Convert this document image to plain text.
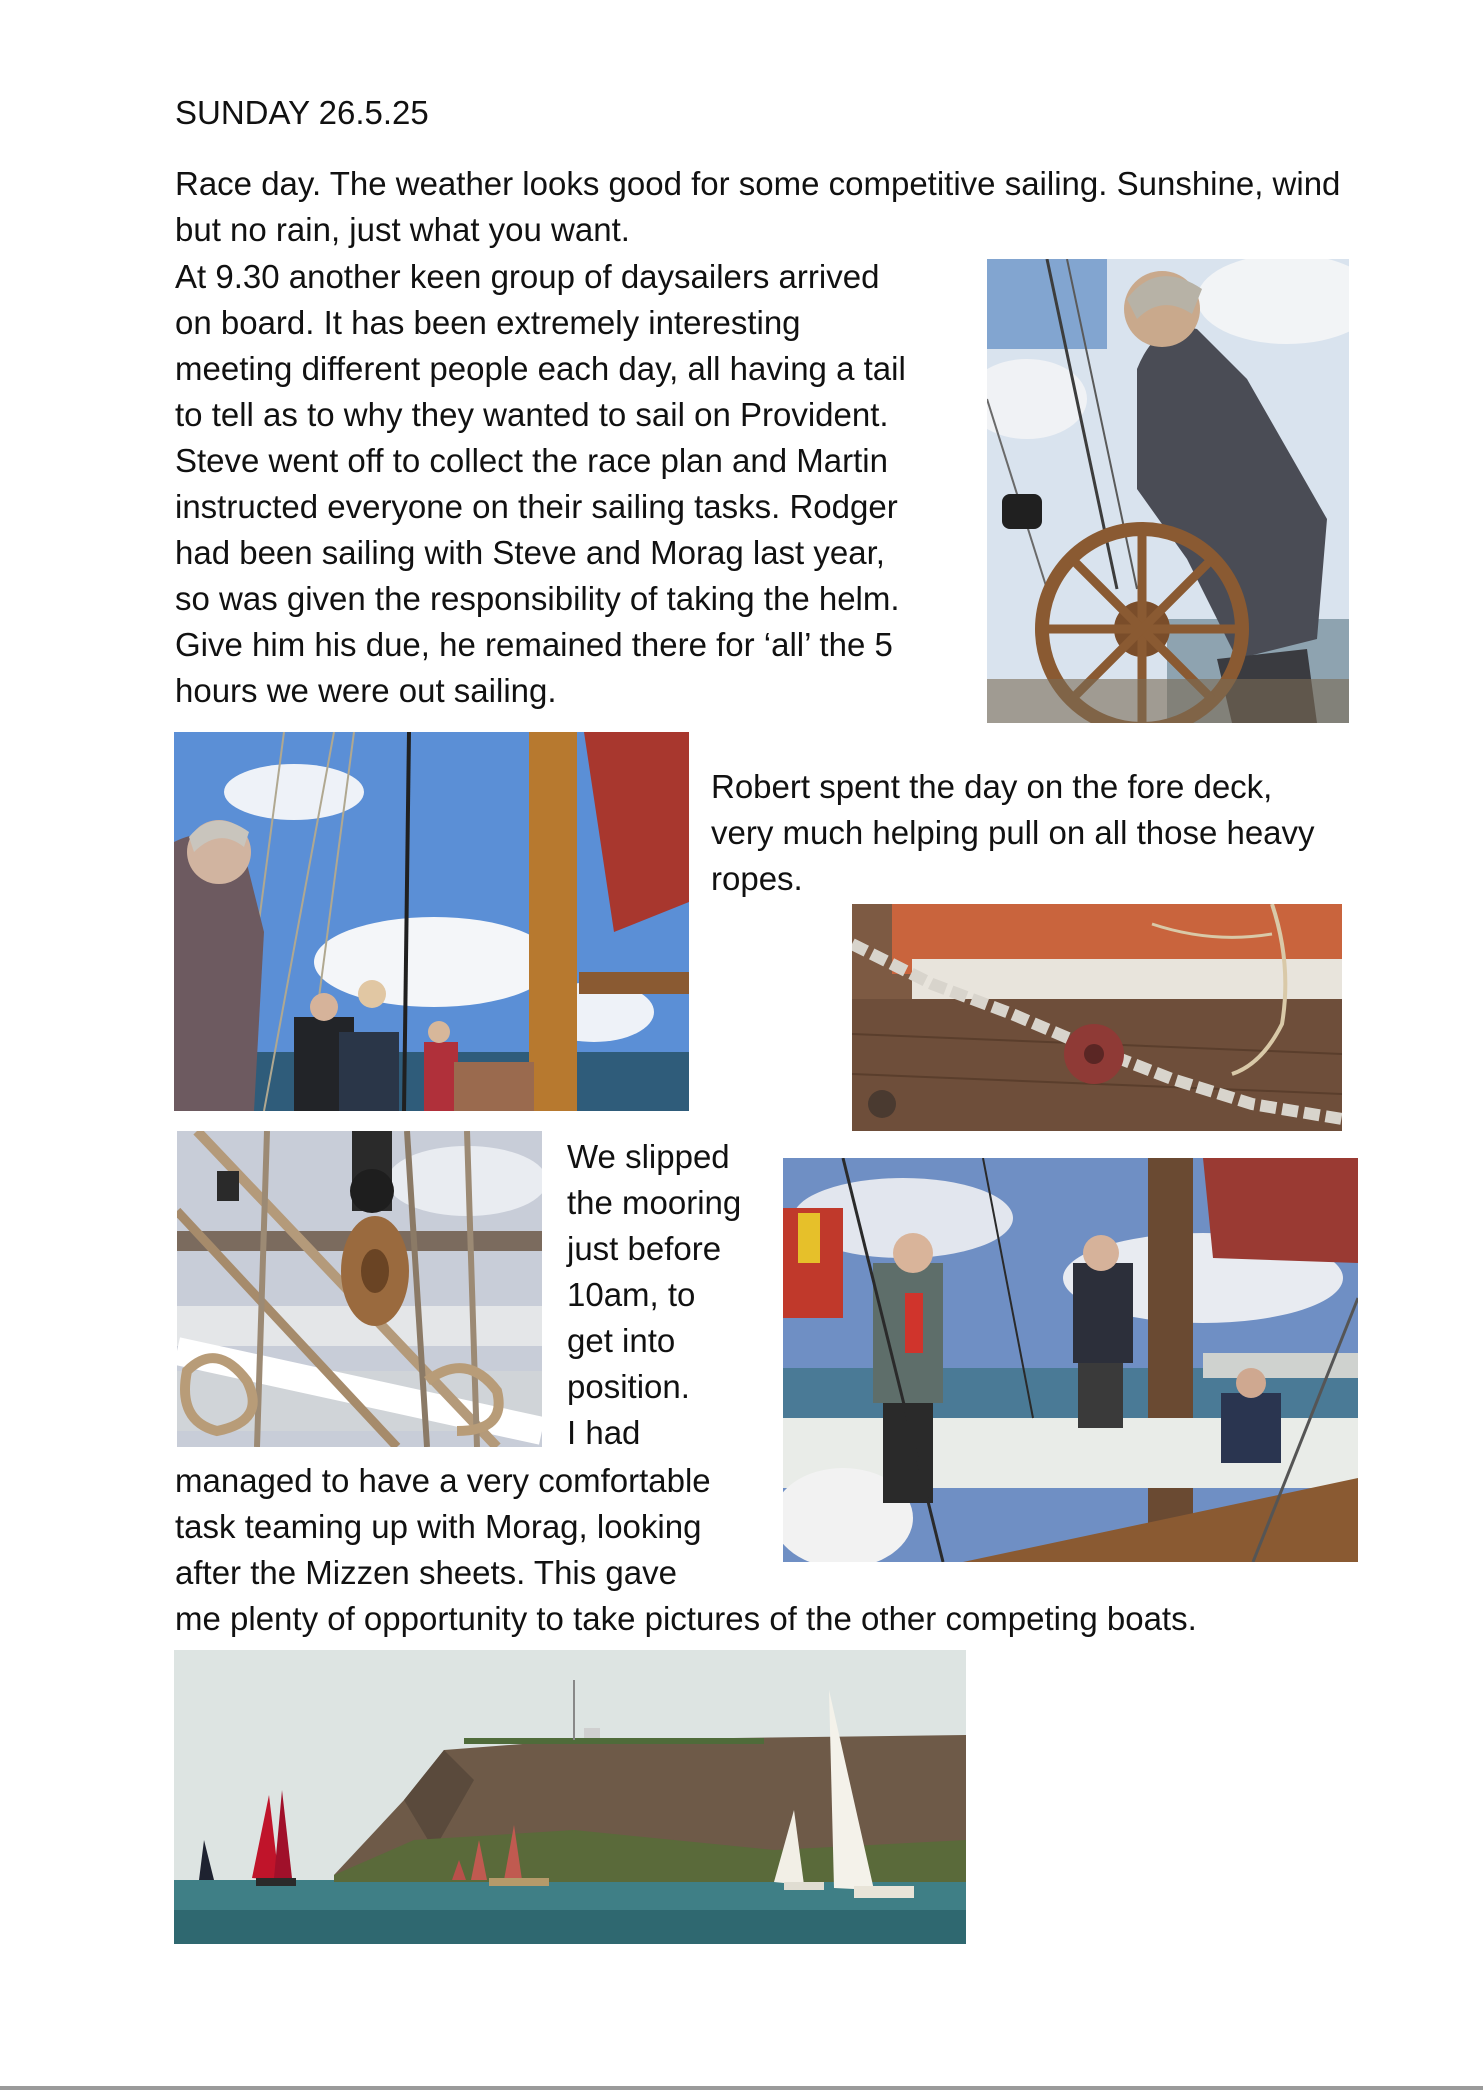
SUNDAY 26.5.25

Race day. The weather looks good for some competitive sailing. Sunshine, wind but no rain, just what you want.

At 9.30 another keen group of daysailers arrived
on board. It has been extremely interesting
meeting different people each day, all having a tail
to tell as to why they wanted to sail on Provident.
Steve went off to collect the race plan and Martin
instructed everyone on their sailing tasks. Rodger
had been sailing with Steve and Morag last year,
so was given the responsibility of taking the helm.
Give him his due, he remained there for ‘all’ the 5
hours we were out sailing.

Robert spent the day on the fore deck,
very much helping pull on all those heavy
ropes.

We slipped
the mooring
just before
10am, to
get into
position.
I had

managed to have a very comfortable
task teaming up with Morag, looking
after the Mizzen sheets. This gave

me plenty of opportunity to take pictures of the other competing boats.
